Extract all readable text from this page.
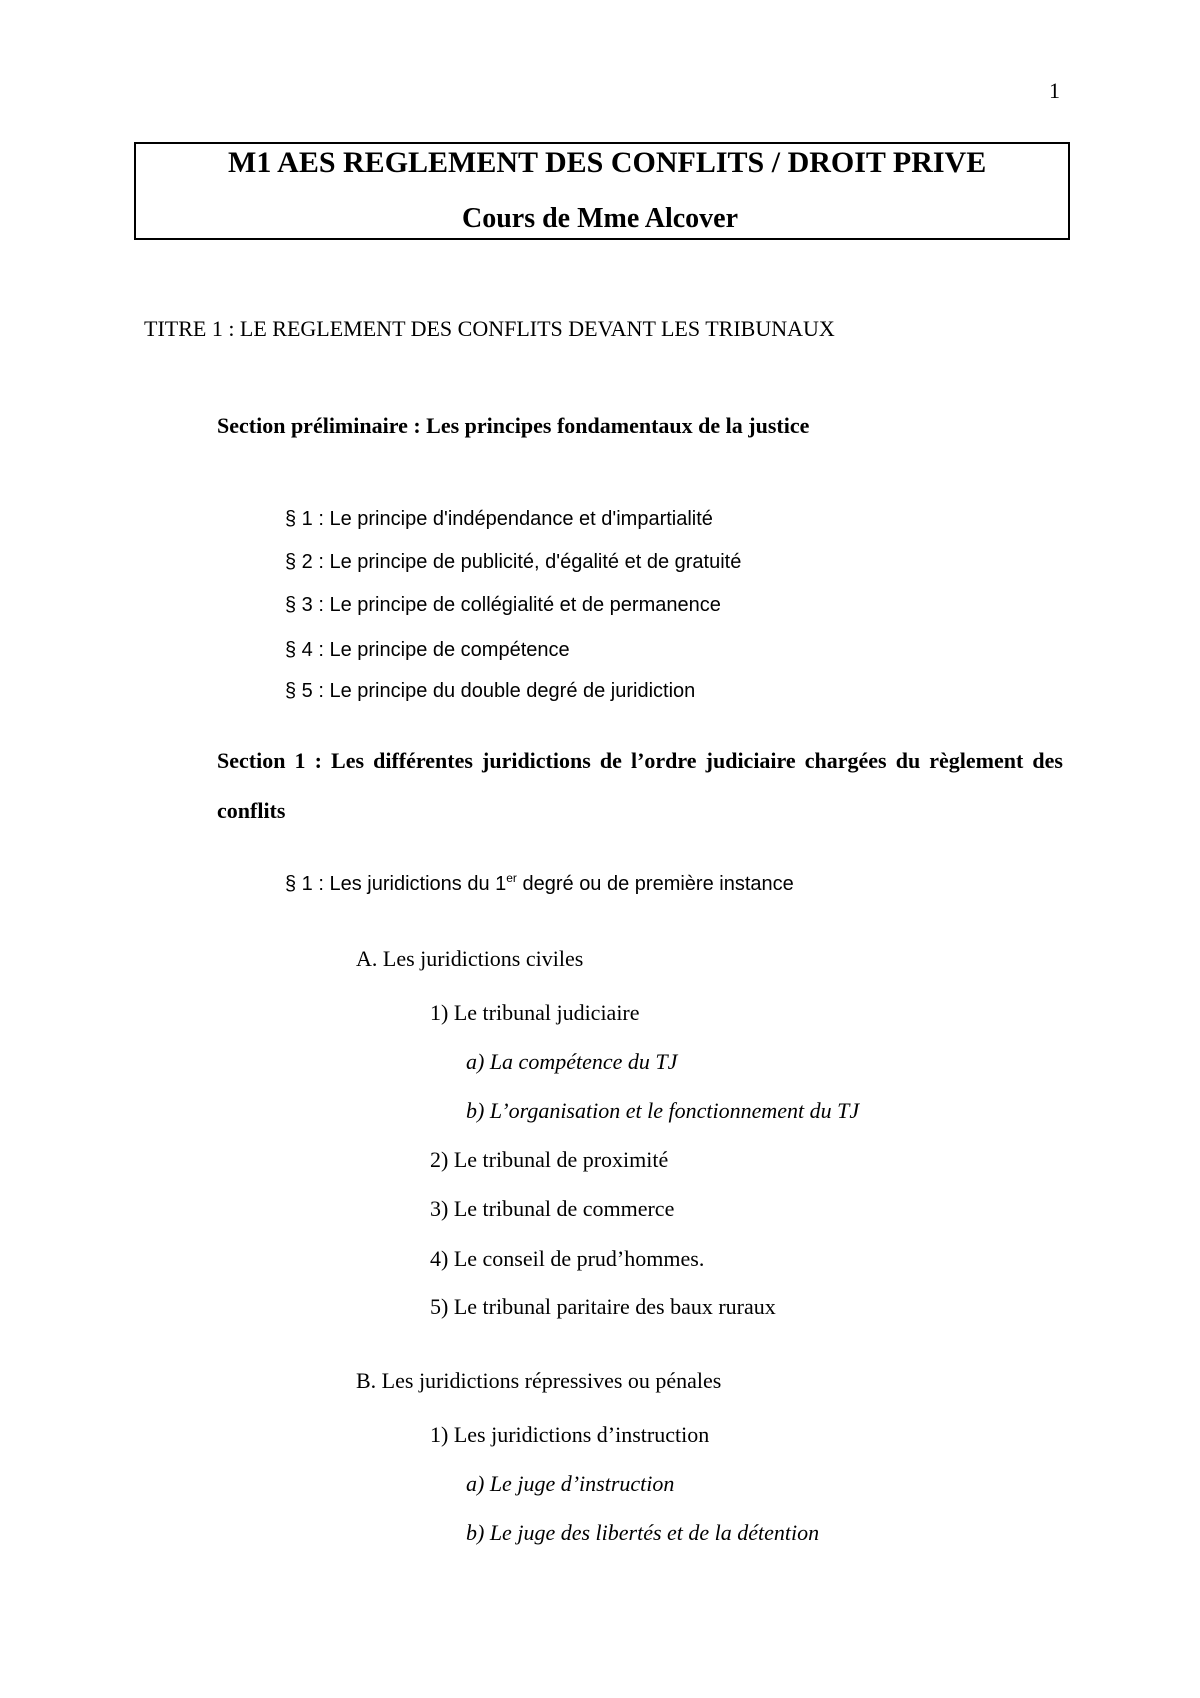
1
M1 AES REGLEMENT DES CONFLITS / DROIT PRIVE
Cours de Mme Alcover
TITRE 1 : LE REGLEMENT DES CONFLITS DEVANT LES TRIBUNAUX
Section préliminaire : Les principes fondamentaux de la justice
§ 1 : Le principe d'indépendance et d'impartialité
§ 2 : Le principe de publicité, d'égalité et de gratuité
§ 3 : Le principe de collégialité et de permanence
§ 4 : Le principe de compétence
§ 5 : Le principe du double degré de juridiction
Section 1 : Les différentes juridictions de l’ordre judiciaire chargées du règlement des conflits
§ 1 : Les juridictions du 1er degré ou de première instance
A. Les juridictions civiles
1) Le tribunal judiciaire
a) La compétence du TJ
b) L’organisation et le fonctionnement du TJ
2) Le tribunal de proximité
3) Le tribunal de commerce
4) Le conseil de prud’hommes.
5) Le tribunal paritaire des baux ruraux
B. Les juridictions répressives ou pénales
1) Les juridictions d’instruction
a) Le juge d’instruction
b) Le juge des libertés et de la détention
